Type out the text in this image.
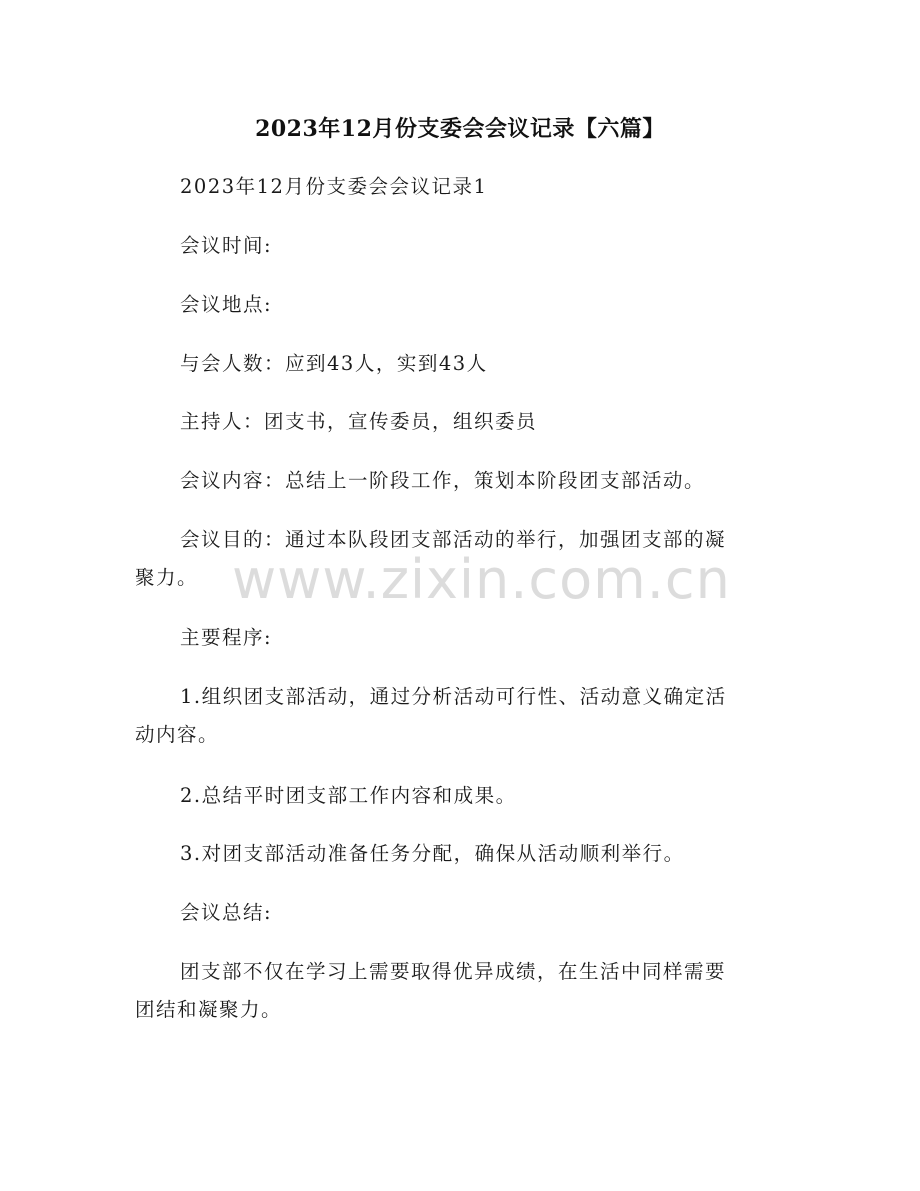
2023年12月份支委会会议记录【六篇】
2023年12月份支委会会议记录1
会议时间:
会议地点:
与会人数：应到43人，实到43人
主持人：团支书，宣传委员，组织委员
会议内容：总结上一阶段工作，策划本阶段团支部活动。
会议目的：通过本队段团支部活动的举行，加强团支部的凝
聚力。
主要程序:
1.组织团支部活动，通过分析活动可行性、活动意义确定活
动内容。
2.总结平时团支部工作内容和成果。
3.对团支部活动准备任务分配，确保从活动顺利举行。
会议总结:
团支部不仅在学习上需要取得优异成绩，在生活中同样需要
团结和凝聚力。
www.zixin.com.cn
